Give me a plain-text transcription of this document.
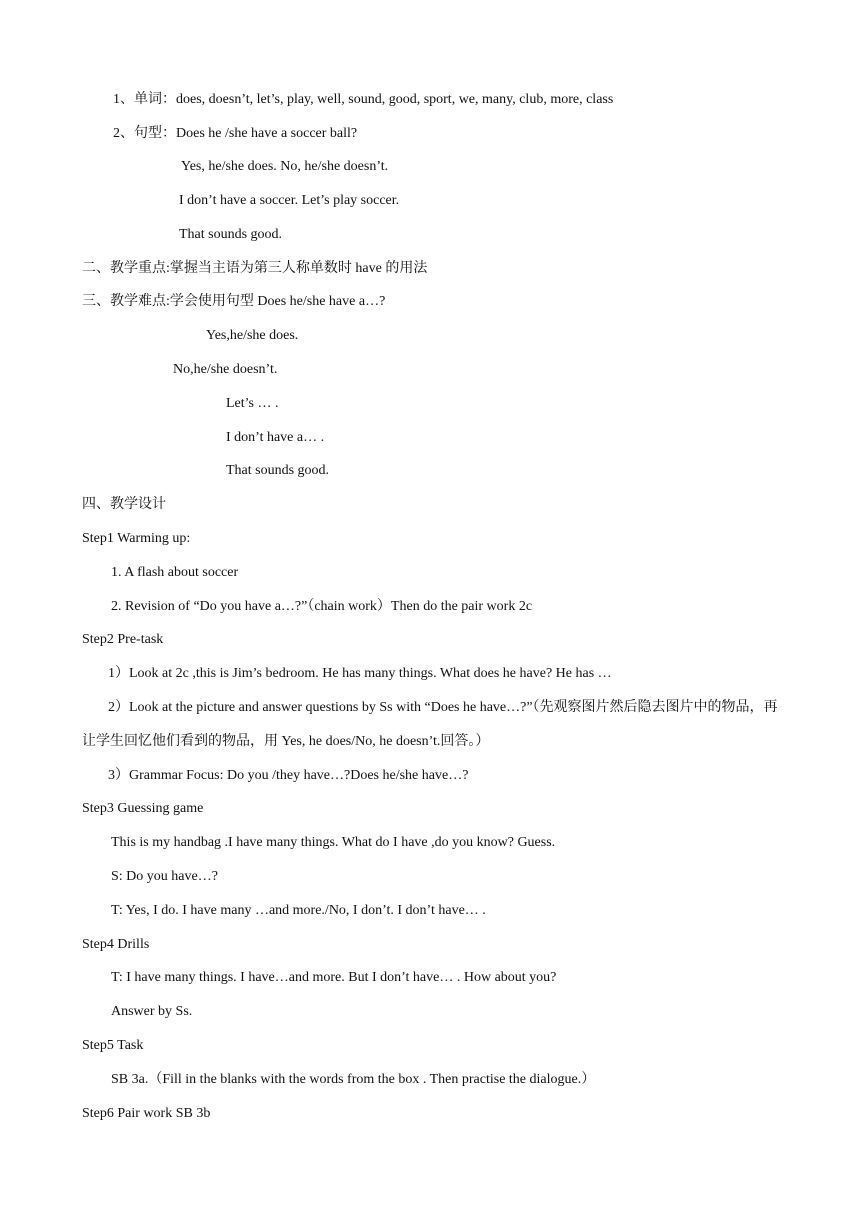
1、单词：does, doesn’t, let’s, play, well, sound, good, sport, we, many, club, more, class
2、句型：Does he /she have a soccer ball?
Yes, he/she does. No, he/she doesn’t.
I don’t have a soccer. Let’s play soccer.
That sounds good.
二、教学重点:掌握当主语为第三人称单数时 have 的用法
三、教学难点:学会使用句型 Does he/she have a…?
Yes,he/she does.
No,he/she doesn’t.
Let’s … .
I don’t have a… .
That sounds good.
四、教学设计
Step1 Warming up:
1. A flash about soccer
2. Revision of “Do you have a…?”（chain work）Then do the pair work 2c
Step2 Pre-task
1）Look at 2c ,this is Jim’s bedroom. He has many things. What does he have? He has …
2）Look at the picture and answer questions by Ss with “Does he have…?”（先观察图片然后隐去图片中的物品，再
让学生回忆他们看到的物品，用 Yes, he does/No, he doesn’t.回答。）
3）Grammar Focus: Do you /they have…?Does he/she have…?
Step3 Guessing game
This is my handbag .I have many things. What do I have ,do you know? Guess.
S: Do you have…?
T: Yes, I do. I have many …and more./No, I don’t. I don’t have… .
Step4 Drills
T: I have many things. I have…and more. But I don’t have… . How about you?
Answer by Ss.
Step5 Task
SB 3a.（Fill in the blanks with the words from the box . Then practise the dialogue.）
Step6 Pair work SB 3b
